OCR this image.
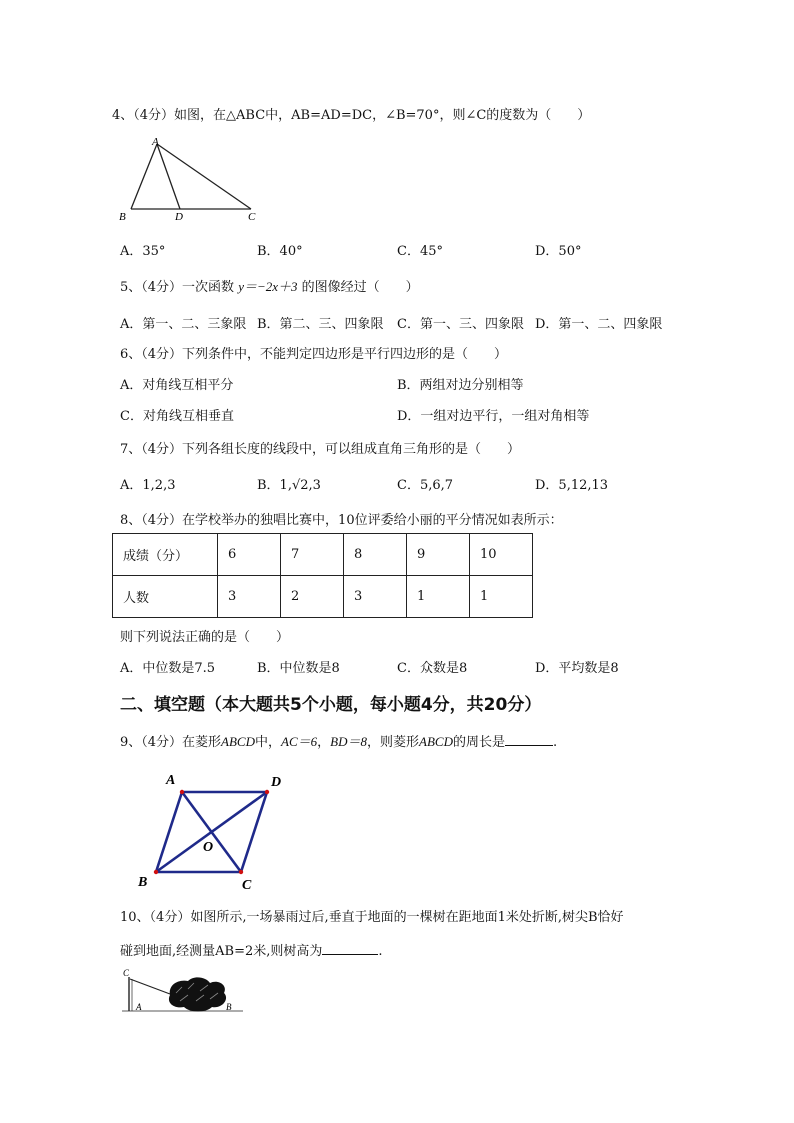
4、（4分）如图，在△ABC中，AB=AD=DC，∠B=70°，则∠C的度数为（　　）
A
B	D	C
A．35°	B．40°	C．45°	D．50°
5、（4分）一次函数 y＝−2x＋3 的图像经过（　　）
A．第一、二、三象限 B．第二、三、四象限 C．第一、三、四象限 D．第一、二、四象限
6、（4分）下列条件中，不能判定四边形是平行四边形的是（　　）
A．对角线互相平分	B．两组对边分别相等
C．对角线互相垂直	D．一组对边平行，一组对角相等
7、（4分）下列各组长度的线段中，可以组成直角三角形的是（　　）
A．1,2,3	B．1,√2,3	C．5,6,7	D．5,12,13
8、（4分）在学校举办的独唱比赛中，10位评委给小丽的平分情况如表所示：
成绩（分）	6	7	8	9	10
人数	3	2	3	1	1
则下列说法正确的是（　　）
A．中位数是7.5	B．中位数是8	C．众数是8	D．平均数是8
二、填空题（本大题共5个小题，每小题4分，共20分）
9、（4分）在菱形ABCD中，AC＝6，BD＝8，则菱形ABCD的周长是	.
A	D
O
B	C
10、（4分）如图所示,一场暴雨过后,垂直于地面的一棵树在距地面1米处折断,树尖B恰好
碰到地面,经测量AB=2米,则树高为	.
C
A	B
